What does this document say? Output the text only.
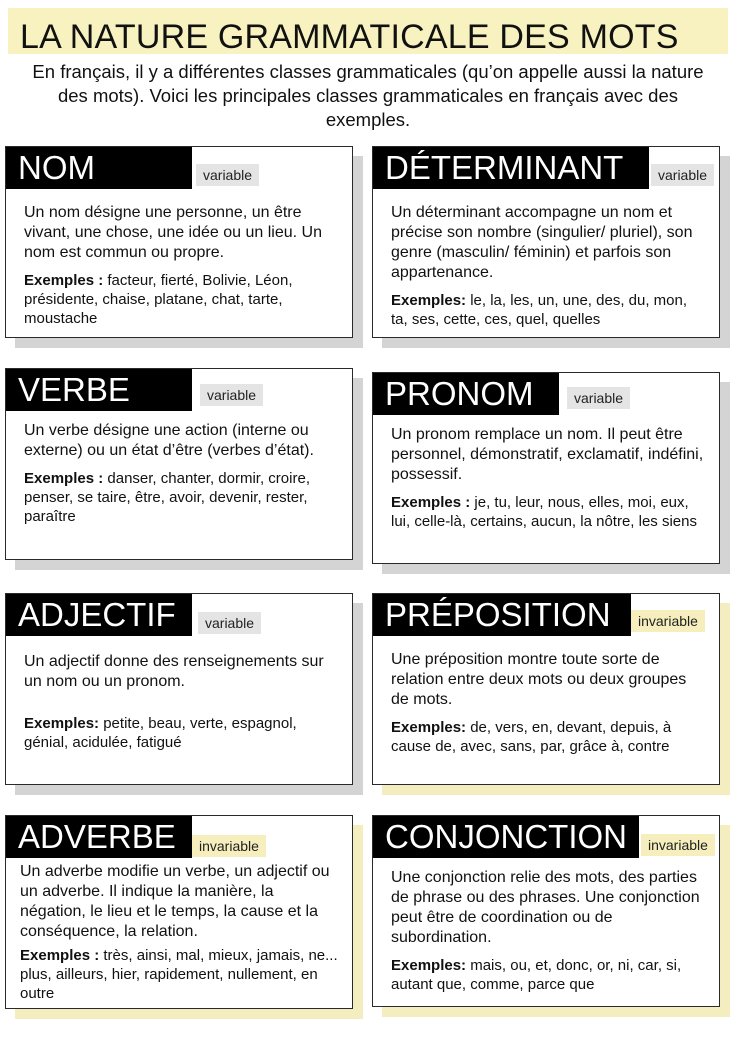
LA NATURE GRAMMATICALE DES MOTS
En français, il y a différentes classes grammaticales (qu’on appelle aussi la nature des mots). Voici les principales classes grammaticales en français avec des exemples.
NOM	variable

Un nom désigne une personne, un être vivant, une chose, une idée ou un lieu. Un nom est commun ou propre.

Exemples : facteur, fierté, Bolivie, Léon, présidente, chaise, platane, chat, tarte, moustache

DÉTERMINANT	variable

Un déterminant accompagne un nom et précise son nombre (singulier/ pluriel), son genre (masculin/ féminin) et parfois son appartenance.

Exemples: le, la, les, un, une, des, du, mon, ta, ses, cette, ces, quel, quelles

VERBE	variable

Un verbe désigne une action (interne ou externe) ou un état d’être (verbes d’état).

Exemples : danser, chanter, dormir, croire, penser, se taire, être, avoir, devenir, rester, paraître

PRONOM	variable

Un pronom remplace un nom. Il peut être personnel, démonstratif, exclamatif, indéfini, possessif.

Exemples : je, tu, leur, nous, elles, moi, eux, lui, celle-là, certains, aucun, la nôtre, les siens

ADJECTIF	variable

Un adjectif donne des renseignements sur un nom ou un pronom.

Exemples: petite, beau, verte, espagnol, génial, acidulée, fatigué

PRÉPOSITION	invariable

Une préposition montre toute sorte de relation entre deux mots ou deux groupes de mots.

Exemples: de, vers, en, devant, depuis, à cause de, avec, sans, par, grâce à, contre

ADVERBE	invariable

Un adverbe modifie un verbe, un adjectif ou un adverbe. Il indique la manière, la négation, le lieu et le temps, la cause et la conséquence, la relation.

Exemples : très, ainsi, mal, mieux, jamais, ne... plus, ailleurs, hier, rapidement, nullement, en outre

CONJONCTION	invariable

Une conjonction relie des mots, des parties de phrase ou des phrases. Une conjonction peut être de coordination ou de subordination.

Exemples: mais, ou, et, donc, or, ni, car, si, autant que, comme, parce que
